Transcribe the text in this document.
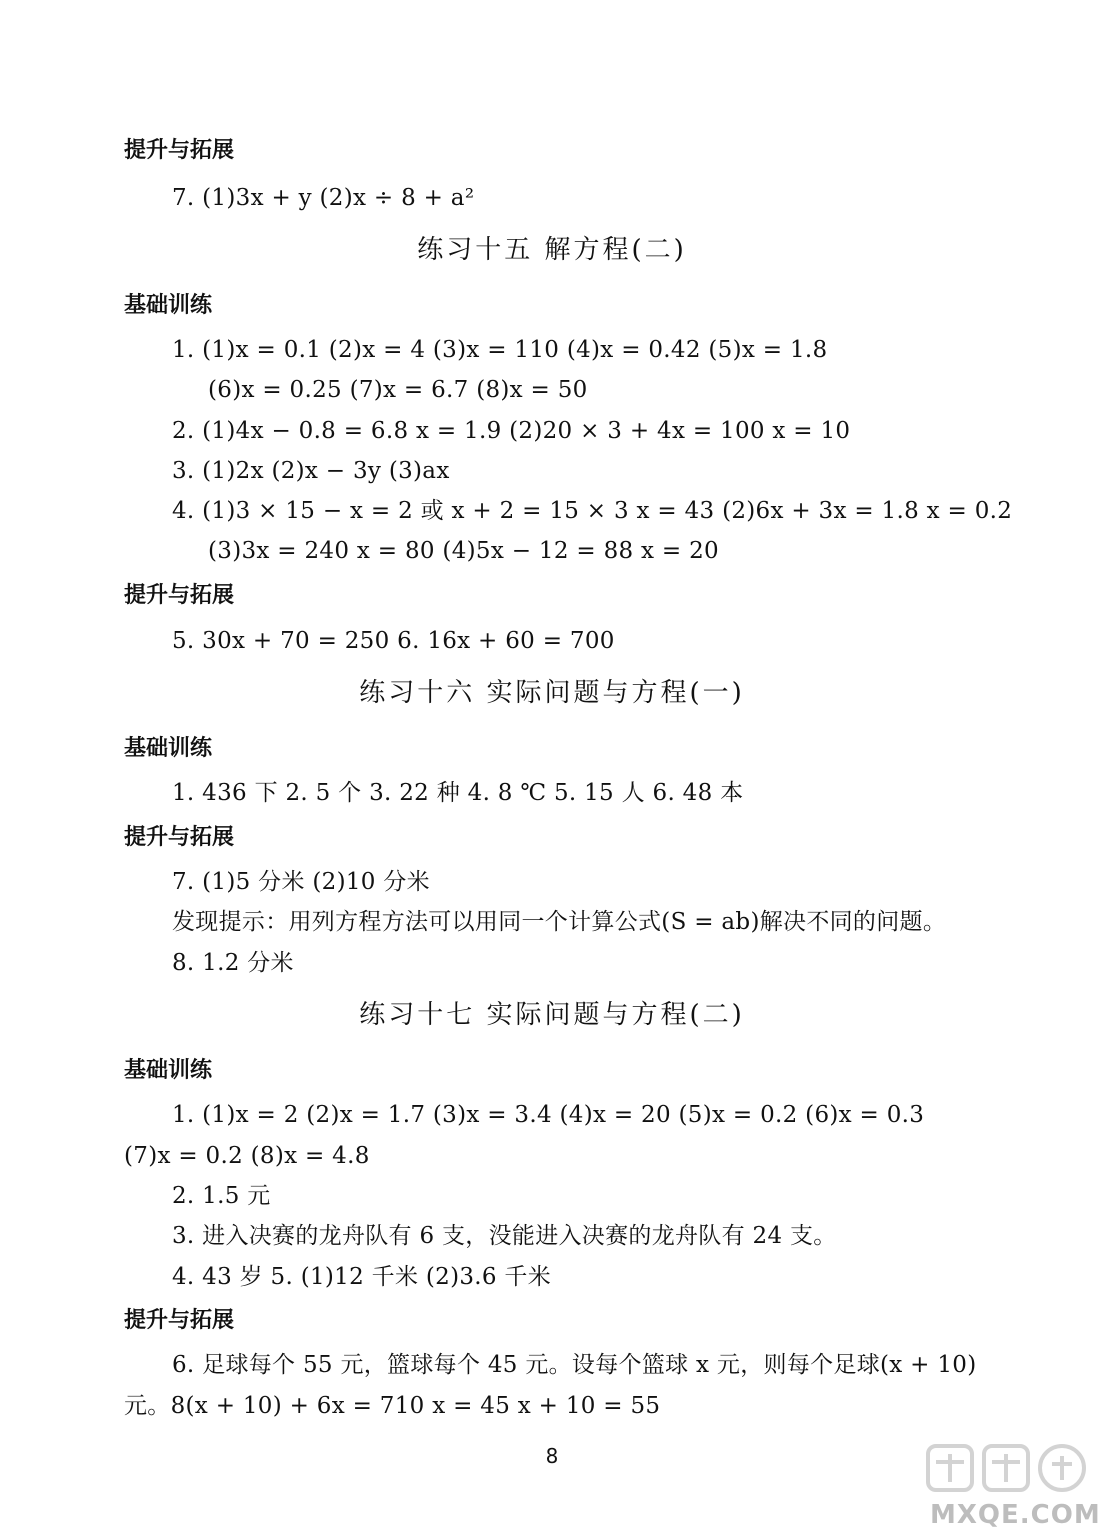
提升与拓展
7. (1)3x + y (2)x ÷ 8 + a²
练习十五 解方程(二)
基础训练
1. (1)x = 0.1 (2)x = 4 (3)x = 110 (4)x = 0.42 (5)x = 1.8
(6)x = 0.25 (7)x = 6.7 (8)x = 50
2. (1)4x − 0.8 = 6.8 x = 1.9 (2)20 × 3 + 4x = 100 x = 10
3. (1)2x (2)x − 3y (3)ax
4. (1)3 × 15 − x = 2 或 x + 2 = 15 × 3 x = 43 (2)6x + 3x = 1.8 x = 0.2
(3)3x = 240 x = 80 (4)5x − 12 = 88 x = 20
提升与拓展
5. 30x + 70 = 250 6. 16x + 60 = 700
练习十六 实际问题与方程(一)
基础训练
1. 436 下 2. 5 个 3. 22 种 4. 8 ℃ 5. 15 人 6. 48 本
提升与拓展
7. (1)5 分米 (2)10 分米
发现提示：用列方程方法可以用同一个计算公式(S = ab)解决不同的问题。
8. 1.2 分米
练习十七 实际问题与方程(二)
基础训练
1. (1)x = 2 (2)x = 1.7 (3)x = 3.4 (4)x = 20 (5)x = 0.2 (6)x = 0.3
(7)x = 0.2 (8)x = 4.8
2. 1.5 元
3. 进入决赛的龙舟队有 6 支，没能进入决赛的龙舟队有 24 支。
4. 43 岁 5. (1)12 千米 (2)3.6 千米
提升与拓展
6. 足球每个 55 元，篮球每个 45 元。设每个篮球 x 元，则每个足球(x + 10)
元。8(x + 10) + 6x = 710 x = 45 x + 10 = 55
8
MXQE.COM
